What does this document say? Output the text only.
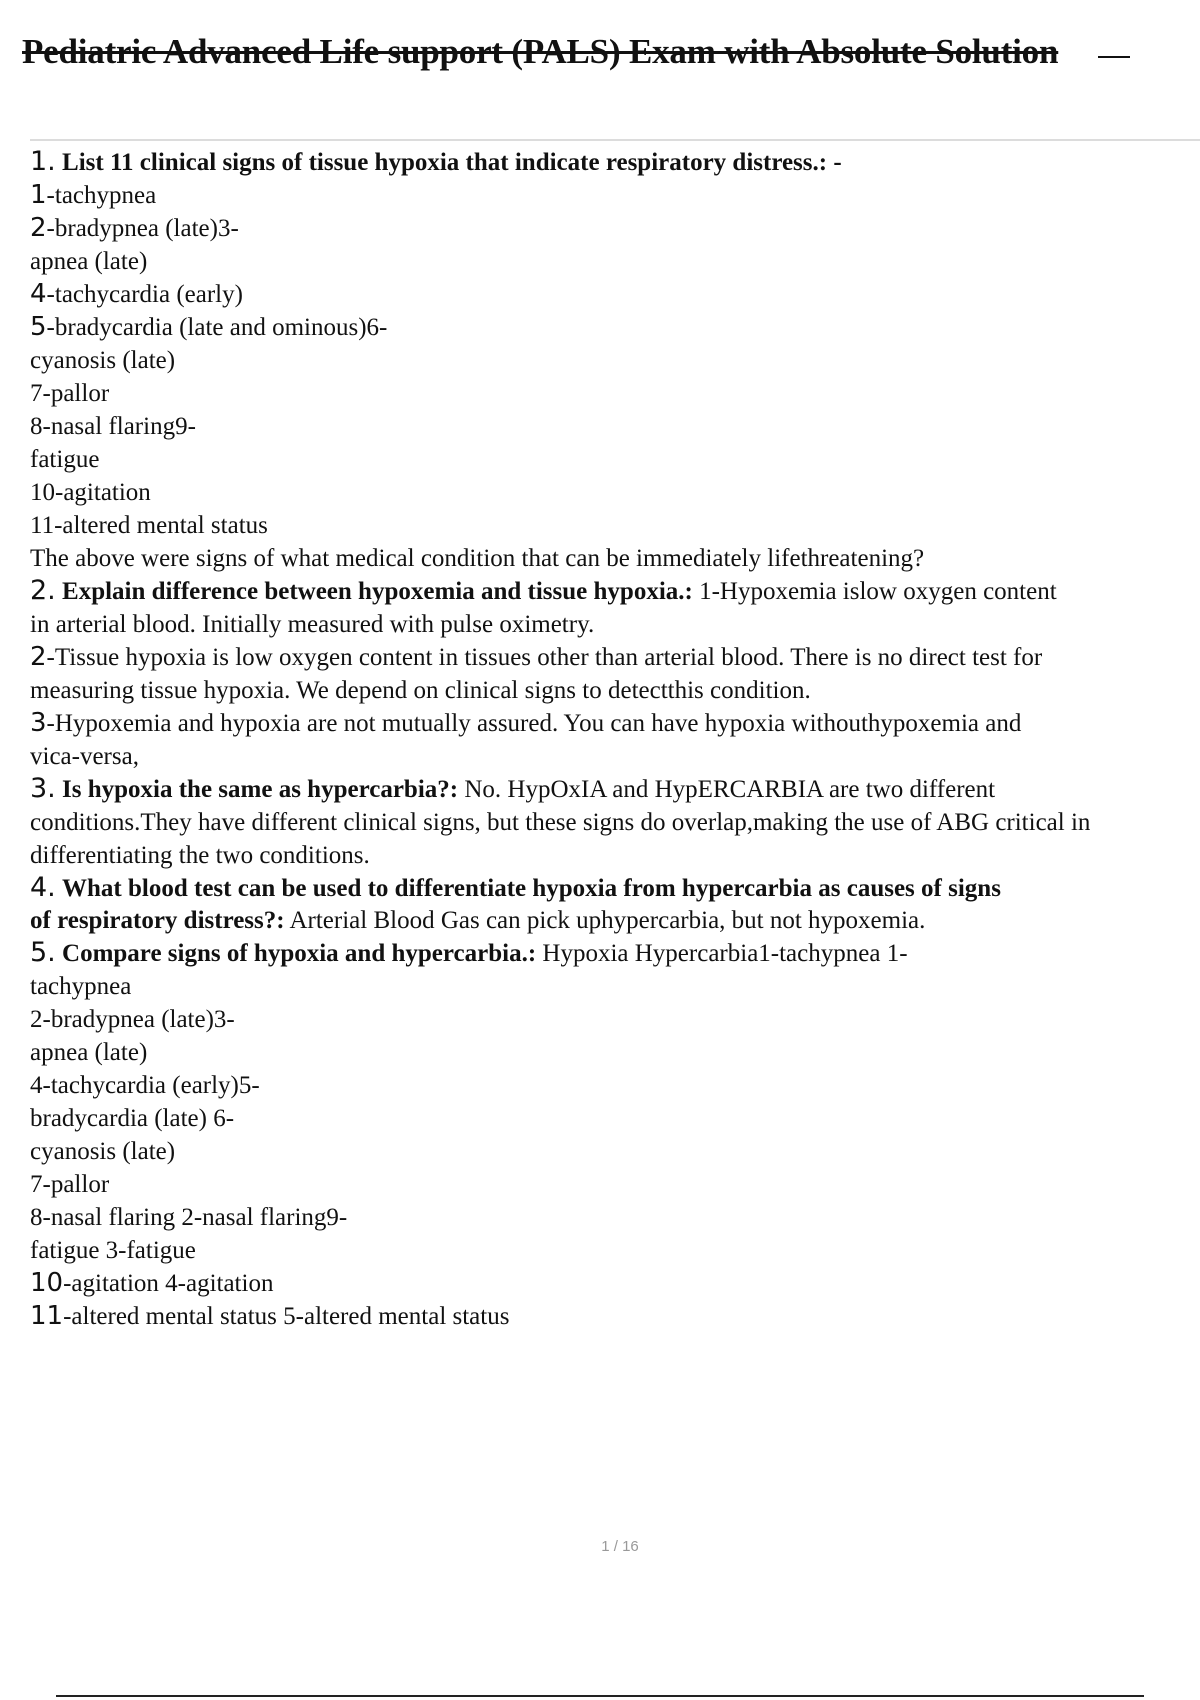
Pediatric Advanced Life support (PALS) Exam with Absolute Solution
1. List 11 clinical signs of tissue hypoxia that indicate respiratory distress.: -
1-tachypnea
2-bradypnea (late)3-
apnea (late)
4-tachycardia (early)
5-bradycardia (late and ominous)6-
cyanosis (late)
7-pallor
8-nasal flaring9-
fatigue
10-agitation
11-altered mental status
The above were signs of what medical condition that can be immediately lifethreatening?
2. Explain difference between hypoxemia and tissue hypoxia.: 1-Hypoxemia islow oxygen content
in arterial blood. Initially measured with pulse oximetry.
2-Tissue hypoxia is low oxygen content in tissues other than arterial blood. There is no direct test for
measuring tissue hypoxia. We depend on clinical signs to detectthis condition.
3-Hypoxemia and hypoxia are not mutually assured. You can have hypoxia withouthypoxemia and
vica-versa,
3. Is hypoxia the same as hypercarbia?: No. HypOxIA and HypERCARBIA are two different
conditions.They have different clinical signs, but these signs do overlap,making the use of ABG critical in
differentiating the two conditions.
4. What blood test can be used to differentiate hypoxia from hypercarbia as causes of signs
of respiratory distress?: Arterial Blood Gas can pick uphypercarbia, but not hypoxemia.
5. Compare signs of hypoxia and hypercarbia.: Hypoxia Hypercarbia1-tachypnea 1-
tachypnea
2-bradypnea (late)3-
apnea (late)
4-tachycardia (early)5-
bradycardia (late) 6-
cyanosis (late)
7-pallor
8-nasal flaring 2-nasal flaring9-
fatigue 3-fatigue
10-agitation 4-agitation
11-altered mental status 5-altered mental status
1 / 16
